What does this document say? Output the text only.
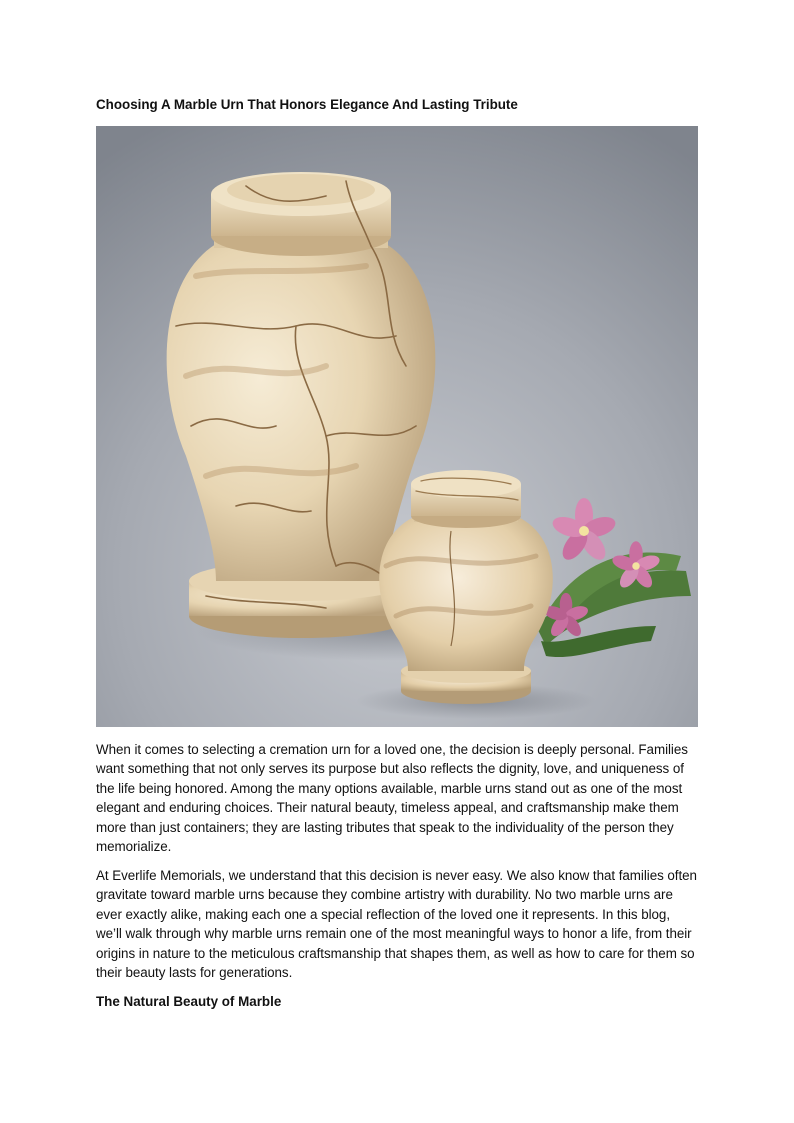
Choosing A Marble Urn That Honors Elegance And Lasting Tribute

When it comes to selecting a cremation urn for a loved one, the decision is deeply personal. Families want something that not only serves its purpose but also reflects the dignity, love, and uniqueness of the life being honored. Among the many options available, marble urns stand out as one of the most elegant and enduring choices. Their natural beauty, timeless appeal, and craftsmanship make them more than just containers; they are lasting tributes that speak to the individuality of the person they memorialize.

At Everlife Memorials, we understand that this decision is never easy. We also know that families often gravitate toward marble urns because they combine artistry with durability. No two marble urns are ever exactly alike, making each one a special reflection of the loved one it represents. In this blog, we’ll walk through why marble urns remain one of the most meaningful ways to honor a life, from their origins in nature to the meticulous craftsmanship that shapes them, as well as how to care for them so their beauty lasts for generations.

The Natural Beauty of Marble
